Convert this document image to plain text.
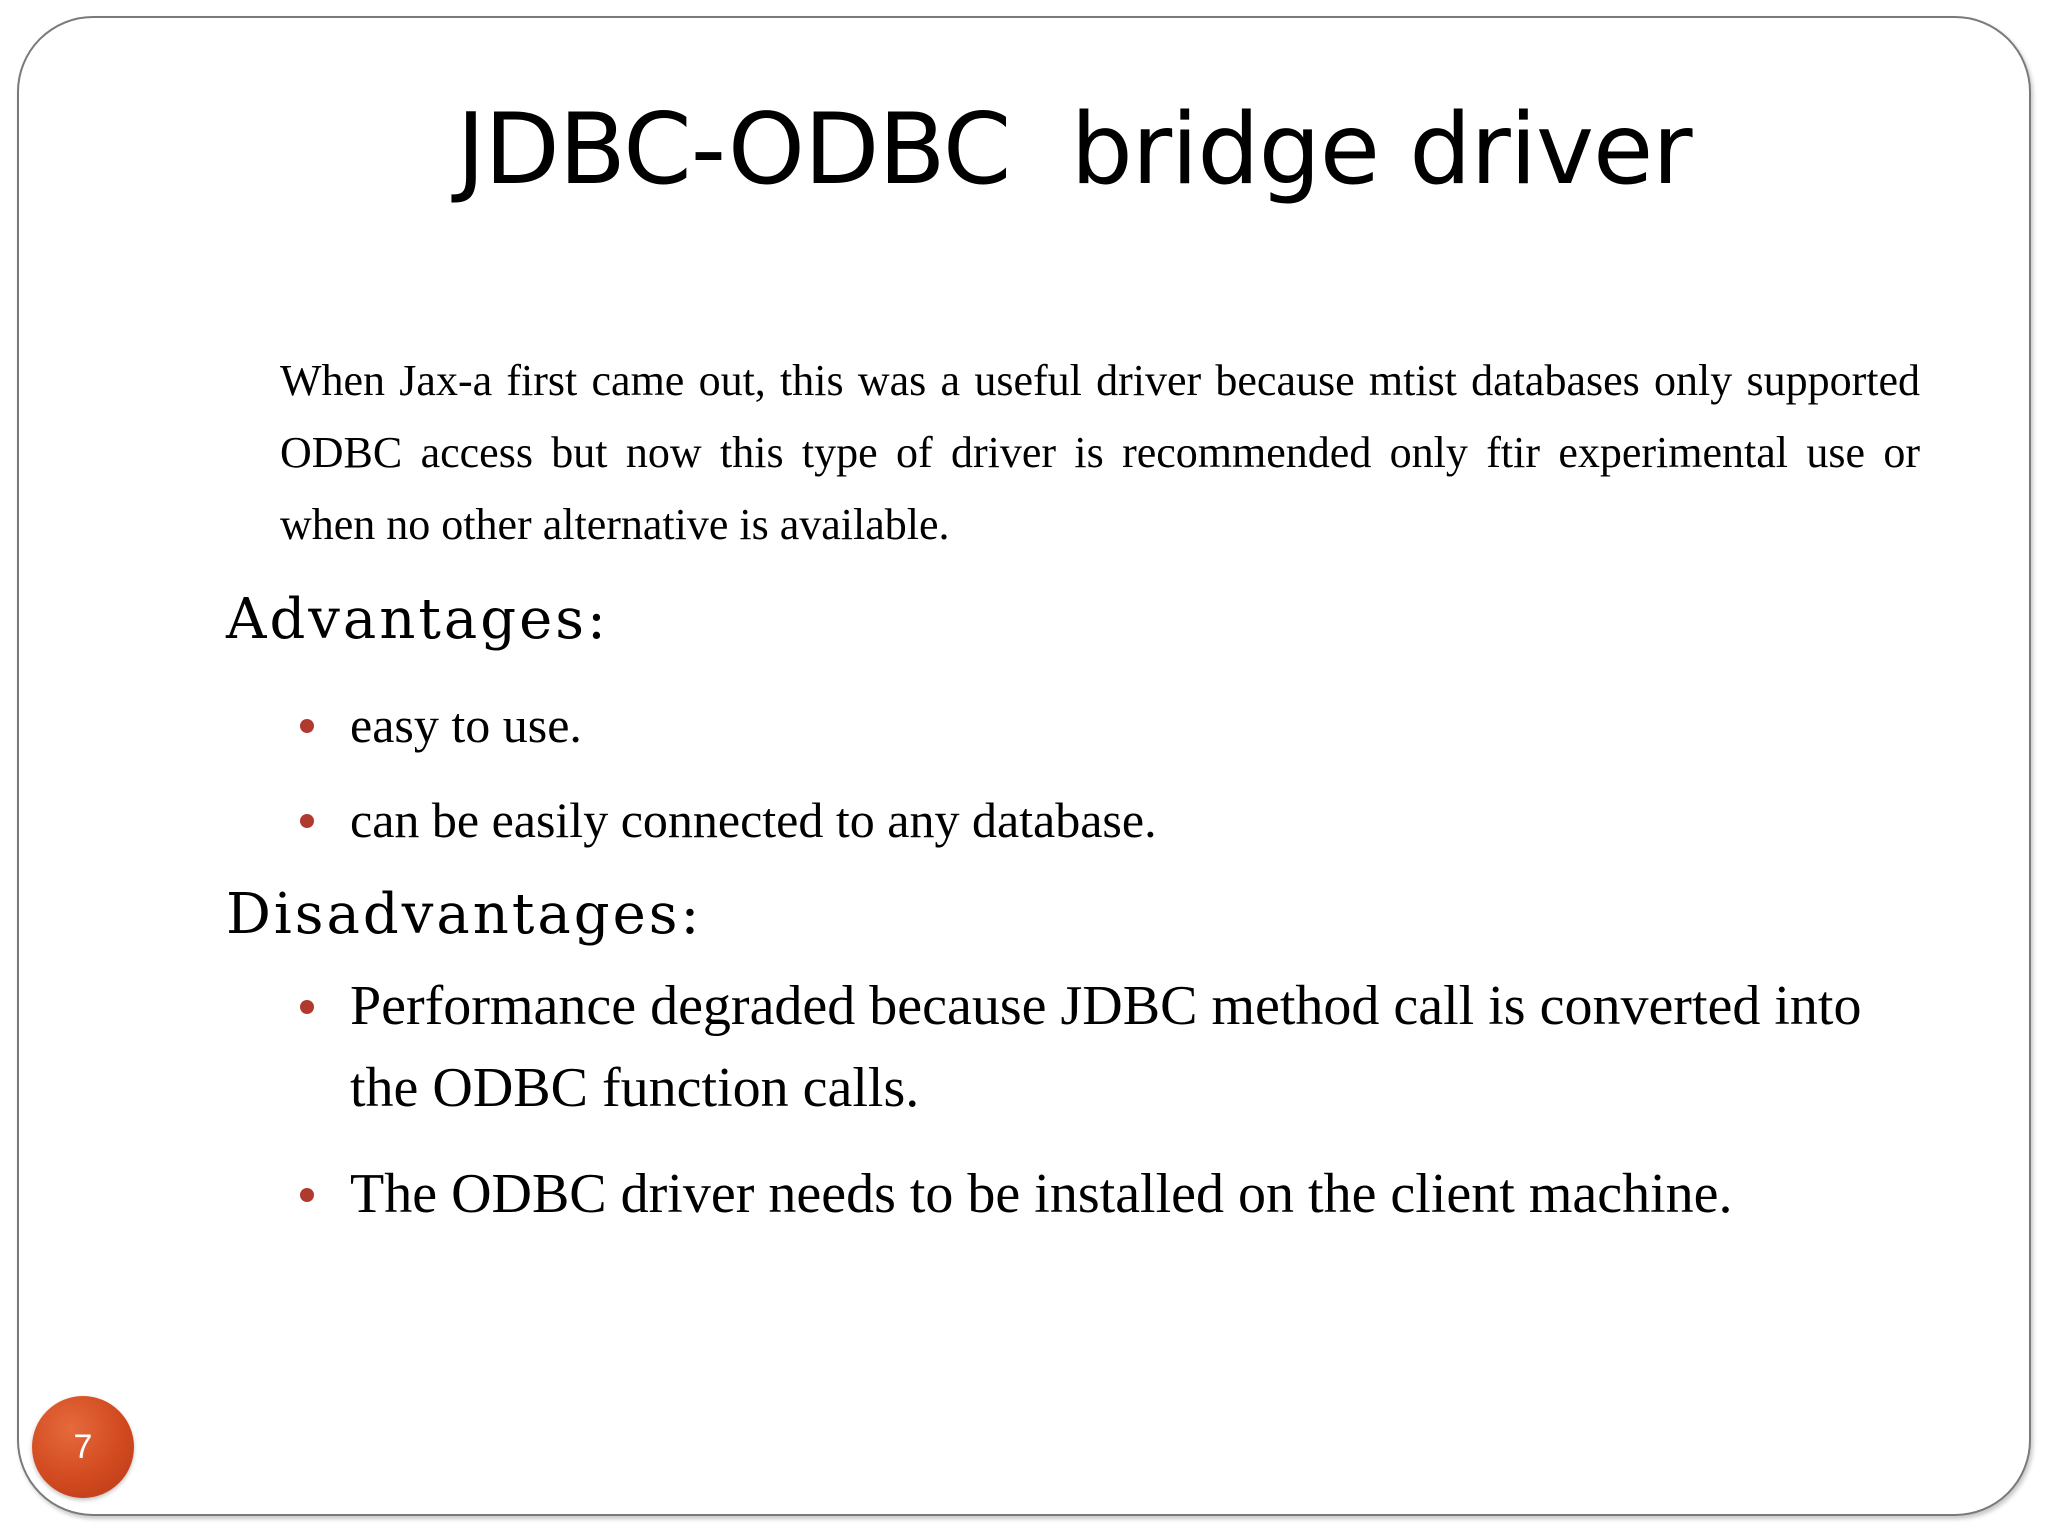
JDBC-ODBC  bridge driver
When Jax-a first came out, this was a useful driver because mtist databases only supported ODBC access but now this type of driver is recommended only ftir experimental use or when no other alternative is available.
Advantages:
easy to use.
can be easily connected to any database.
Disadvantages:
Performance degraded because JDBC method call is converted into the ODBC function calls.
The ODBC driver needs to be installed on the client machine.
7
